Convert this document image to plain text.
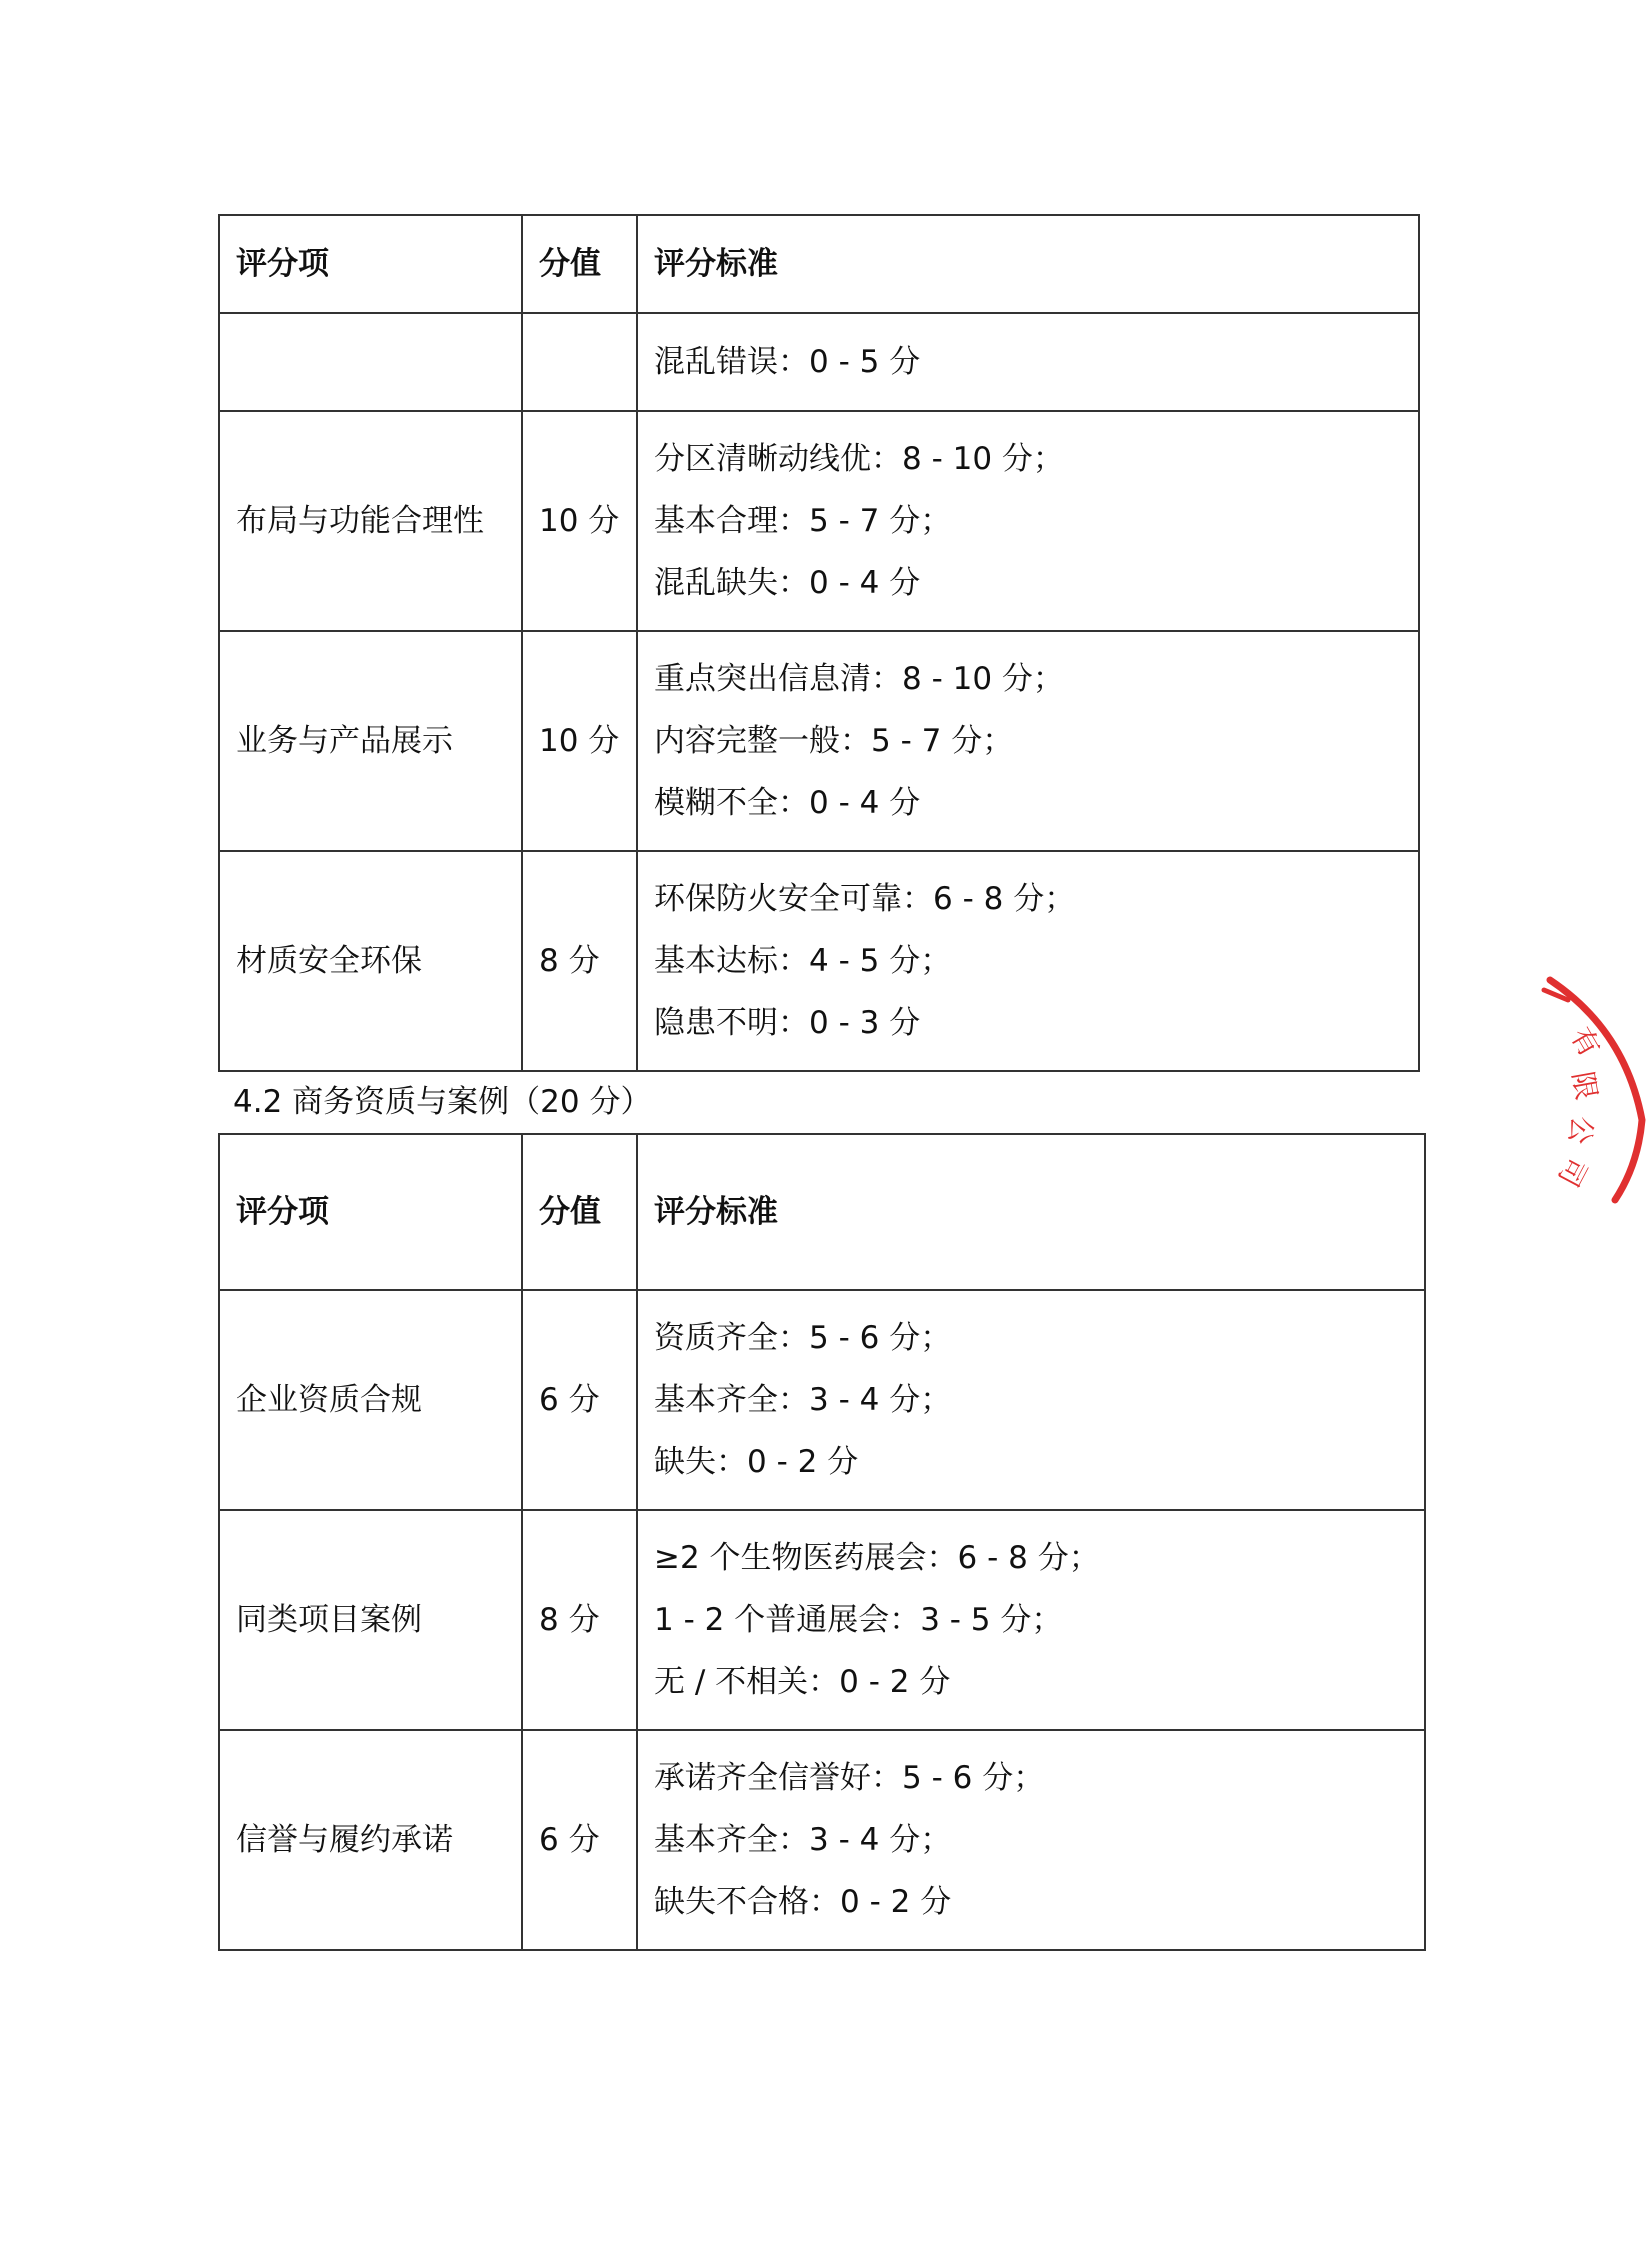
评分项	分值	评分标准

		混乱错误：0 - 5 分

布局与功能合理性	10 分	分区清晰动线优：8 - 10 分；
基本合理：5 - 7 分；
混乱缺失：0 - 4 分

业务与产品展示	10 分	重点突出信息清：8 - 10 分；
内容完整一般：5 - 7 分；
模糊不全：0 - 4 分

材质安全环保	8 分	环保防火安全可靠：6 - 8 分；
基本达标：4 - 5 分；
隐患不明：0 - 3 分
4.2 商务资质与案例（20 分）
评分项	分值	评分标准
企业资质合规	6 分	资质齐全：5 - 6 分；
基本齐全：3 - 4 分；
缺失：0 - 2 分

同类项目案例	8 分	≥2 个生物医药展会：6 - 8 分；
1 - 2 个普通展会：3 - 5 分；
无 / 不相关：0 - 2 分

信誉与履约承诺	6 分	承诺齐全信誉好：5 - 6 分；
基本齐全：3 - 4 分；
缺失不合格：0 - 2 分
有
限
公
司
